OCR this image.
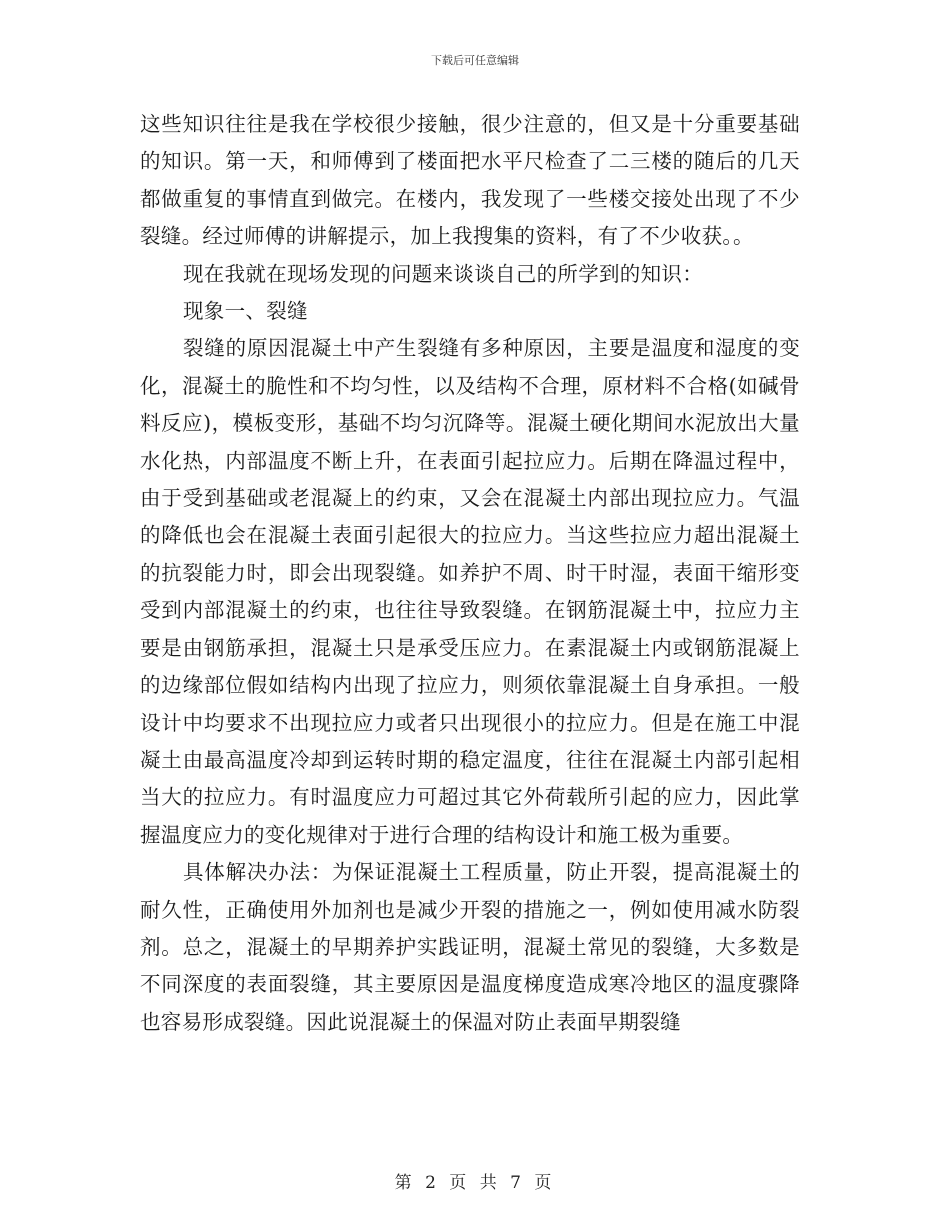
下载后可任意编辑

这些知识往往是我在学校很少接触，很少注意的，但又是十分重要基础的知识。第一天，和师傅到了楼面把水平尺检查了二三楼的随后的几天都做重复的事情直到做完。在楼内，我发现了一些楼交接处出现了不少裂缝。经过师傅的讲解提示，加上我搜集的资料，有了不少收获。。

现在我就在现场发现的问题来谈谈自己的所学到的知识：

现象一、裂缝

裂缝的原因混凝土中产生裂缝有多种原因，主要是温度和湿度的变化，混凝土的脆性和不均匀性，以及结构不合理，原材料不合格(如碱骨料反应)，模板变形，基础不均匀沉降等。混凝土硬化期间水泥放出大量水化热，内部温度不断上升，在表面引起拉应力。后期在降温过程中，由于受到基础或老混凝上的约束，又会在混凝土内部出现拉应力。气温的降低也会在混凝土表面引起很大的拉应力。当这些拉应力超出混凝土的抗裂能力时，即会出现裂缝。如养护不周、时干时湿，表面干缩形变受到内部混凝土的约束，也往往导致裂缝。在钢筋混凝土中，拉应力主要是由钢筋承担，混凝土只是承受压应力。在素混凝土内或钢筋混凝上的边缘部位假如结构内出现了拉应力，则须依靠混凝土自身承担。一般设计中均要求不出现拉应力或者只出现很小的拉应力。但是在施工中混凝土由最高温度冷却到运转时期的稳定温度，往往在混凝土内部引起相当大的拉应力。有时温度应力可超过其它外荷载所引起的应力，因此掌握温度应力的变化规律对于进行合理的结构设计和施工极为重要。

具体解决办法：为保证混凝土工程质量，防止开裂，提高混凝土的耐久性，正确使用外加剂也是减少开裂的措施之一，例如使用减水防裂剂。总之，混凝土的早期养护实践证明，混凝土常见的裂缝，大多数是不同深度的表面裂缝，其主要原因是温度梯度造成寒冷地区的温度骤降也容易形成裂缝。因此说混凝土的保温对防止表面早期裂缝

第 2 页 共 7 页
